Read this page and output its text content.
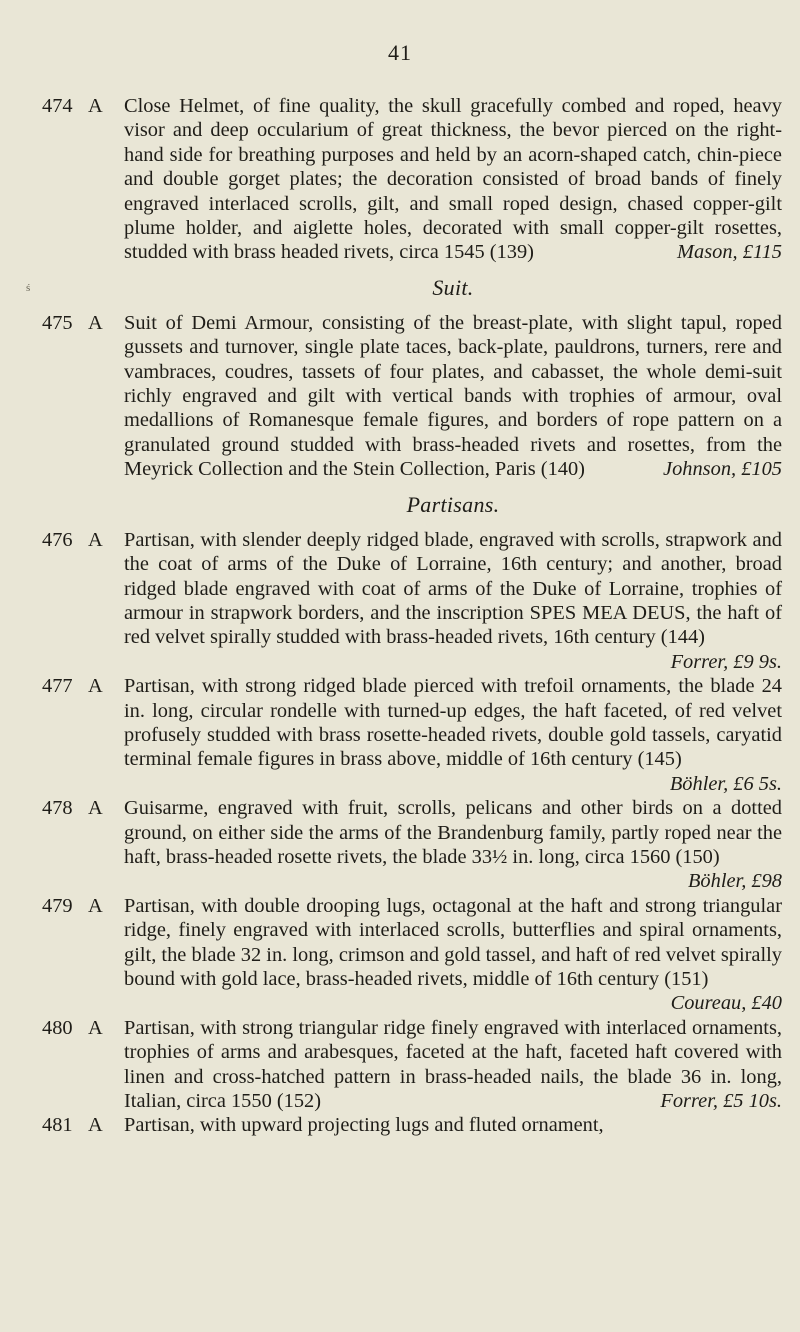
41
ś
474 A Close Helmet, of fine quality, the skull gracefully combed and roped, heavy visor and deep occularium of great thickness, the bevor pierced on the right-hand side for breathing purposes and held by an acorn-shaped catch, chin-piece and double gorget plates; the decoration consisted of broad bands of finely engraved interlaced scrolls, gilt, and small roped design, chased copper-gilt plume holder, and aiglette holes, decorated with small copper-gilt rosettes, studded with brass headed rivets, circa 1545 (139)	Mason, £115
Suit.
475 A Suit of Demi Armour, consisting of the breast-plate, with slight tapul, roped gussets and turnover, single plate taces, back-plate, pauldrons, turners, rere and vambraces, coudres, tassets of four plates, and cabasset, the whole demi-suit richly engraved and gilt with vertical bands with trophies of armour, oval medallions of Romanesque female figures, and borders of rope pattern on a granulated ground studded with brass-headed rivets and rosettes, from the Meyrick Collection and the Stein Collection, Paris (140)	Johnson, £105
Partisans.
476 A Partisan, with slender deeply ridged blade, engraved with scrolls, strapwork and the coat of arms of the Duke of Lorraine, 16th century; and another, broad ridged blade engraved with coat of arms of the Duke of Lorraine, trophies of armour in strapwork borders, and the inscription SPES MEA DEUS, the haft of red velvet spirally studded with brass-headed rivets, 16th century (144)
Forrer, £9 9s.
477 A Partisan, with strong ridged blade pierced with trefoil ornaments, the blade 24 in. long, circular rondelle with turned-up edges, the haft faceted, of red velvet profusely studded with brass rosette-headed rivets, double gold tassels, caryatid terminal female figures in brass above, middle of 16th century (145)
Böhler, £6 5s.
478 A Guisarme, engraved with fruit, scrolls, pelicans and other birds on a dotted ground, on either side the arms of the Brandenburg family, partly roped near the haft, brass-headed rosette rivets, the blade 33½ in. long, circa 1560 (150)
Böhler, £98
479 A Partisan, with double drooping lugs, octagonal at the haft and strong triangular ridge, finely engraved with interlaced scrolls, butterflies and spiral ornaments, gilt, the blade 32 in. long, crimson and gold tassel, and haft of red velvet spirally bound with gold lace, brass-headed rivets, middle of 16th century (151)
Coureau, £40
480 A Partisan, with strong triangular ridge finely engraved with interlaced ornaments, trophies of arms and arabesques, faceted at the haft, faceted haft covered with linen and cross-hatched pattern in brass-headed nails, the blade 36 in. long, Italian, circa 1550 (152)	Forrer, £5 10s.
481 A Partisan, with upward projecting lugs and fluted ornament,
